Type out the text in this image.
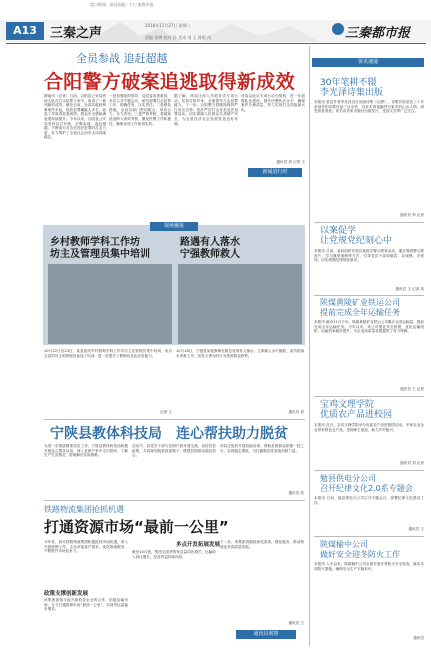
富川新闻 · 新昆福报 · 扫三秦都市报
A13	三秦之声
2018年11月27日 星期二
责编 张博 校对 孙 美术 刘 王 排版 何	三秦都市报
全员参战 追赶超越
合阳警方破案追逃取得新成效
渭南讯（记者）日前，合阳县公安局刑侦大队在打击犯罪斗争中，取得了一系列新的成效。截至目前，全局共破获刑事案件多起，抓获犯罪嫌疑人多名，追逃工作取得显著成绩，群众安全感和满意度持续提升。今年以来，合阳县公安局坚持以打开路，全警参战，追赶超越，不断加大对各类违法犯罪的打击力度，有力维护了全县社会治安大局持续稳定。
一是加强组织领导，局党委高度重视，多次召开专题会议，研究部署打击犯罪工作，明确任务，压实责任。二是强化措施，全局各部门密切配合，形成合力，全力攻坚。三是严格考核，将破案追逃纳入绩效考核，激发民警工作积极性，确保各项工作取得实效。
据了解，该局还深入开展各类专项行动，坚持打防并举，全面提升打击犯罪能力。下一步，合阳警方将继续保持严打高压态势，依法严厉打击各类违法犯罪活动，切实保障人民群众生命财产安全，为全县经济社会发展营造良好环境。
该局以此次专项行动为契机，进一步加强队伍建设，提升民警执法水平，确保案件办理质量，努力实现打击效能最大化。
通讯员 刘 记者 王
新闻进行时
资讯速递
30年笔耕不辍
李光泽诗集出版
本报讯 富县作者李光泽近日出版诗集《山野》，诗集共收录其三十年来创作的诗歌作品三百余首，以朴实的笔触抒写家乡的山水人情，深受读者喜爱。该书由作家出版社出版发行，受到文学界广泛关注。
通讯员 李 记者
以案促学
让党规党纪刻心中
本报讯 日前，某局组织开展以案促学警示教育活动，通过观看警示教育片、学习典型案例等方式，引导党员干部知敬畏、存戒惧、守底线，切实增强纪律规矩意识。
通讯员 王 记者 刘
陕煤黄陵矿业铁运公司
提前完成全年运输任务
本报讯 截至11月下旬，陕煤黄陵矿业铁运公司累计完成运输量，提前完成全年运输任务。今年以来，该公司强化安全管理，优化运输组织，运输效率稳步提升，为企业高质量发展提供了有力保障。
通讯员 王 记者
宝鸡文理学院
优质农产品进校园
本报讯 近日，宝鸡文理学院举办优质农产品进校园活动，多家农业企业带来特色农产品，受到师生欢迎，助力乡村振兴。
通讯员 刘 记者
勉县供电分公司
召开纪律文化2.0系专题会
本报讯 日前，勉县供电分公司召开专题会议，部署纪律文化建设工作。
通讯员 王
陕煤榆中公司
做好安全迎冬防火工作
本报讯 入冬以来，陕煤榆中公司全面开展冬季防火安全检查，落实各项防火措施，确保安全生产平稳有序。
通讯员
现场播报
乡村教师学科工作坊
坊主及管理员集中培训
路遇有人落水
宁强教师救人
10月22日至23日，某县组织乡村教师学科工作坊坊主及管理员集中培训，来自全县的坊主和管理员参加了培训，进一步提升了教师信息化应用能力。
记者 王
10月18日，宁强县某校教师在路边发现有人落水，立即跳入水中施救，成功将落水者救上岸，其见义勇为的行为受到群众称赞。
通讯员 刘
宁陕县教体科技局 连心帮扶助力脱贫
为进一步推进精准扶贫工作，宁陕县教体科技局积极开展连心帮扶活动，深入贫困户家中走访慰问，了解生产生活情况，帮助解决实际困难。
活动中，局党员干部与贫困户面对面交流，宣传扶贫政策，共同谋划脱贫致富路子，增强贫困群众脱贫信心。
该局还组织开展技能培训，帮助贫困群众掌握一技之长，实现稳定增收，为打赢脱贫攻坚战贡献力量。
通讯员 张
铁路物流集团抢抓机遇
打通资源市场“最前一公里”
今年来，西安铁路物流集团积极抢抓市场机遇，深入开展营销工作，主动对接客户需求，优化物流服务，不断提升市场竞争力。
政策支撑创新发展
该集团加强与地方政府及企业的合作，拓展运输市场，全力打通资源市场“最前一公里”，实现货运量稳步增长。
多点开发拓展发展
截至10月底，集团完成货物发送量同比增长，运输收入同比增长，经营效益持续向好。
下一步，该集团将继续深化改革，强化服务，推动物流业务高质量发展。
通讯员 王
通讯员观察
